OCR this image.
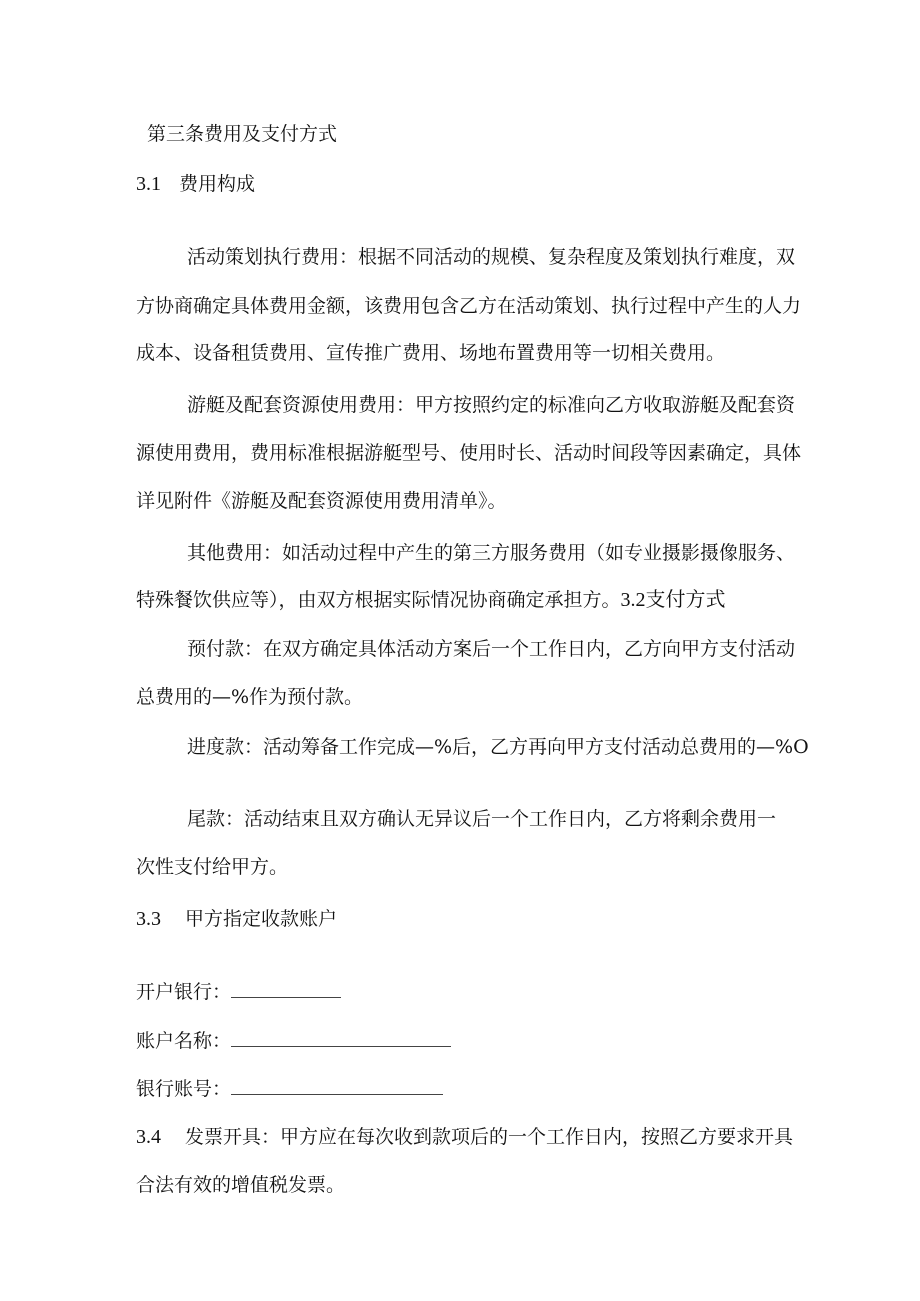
第三条费用及支付方式
3.1 费用构成
活动策划执行费用：根据不同活动的规模、复杂程度及策划执行难度，双
方协商确定具体费用金额，该费用包含乙方在活动策划、执行过程中产生的人力
成本、设备租赁费用、宣传推广费用、场地布置费用等一切相关费用。
游艇及配套资源使用费用：甲方按照约定的标准向乙方收取游艇及配套资
源使用费用，费用标准根据游艇型号、使用时长、活动时间段等因素确定，具体
详见附件《游艇及配套资源使用费用清单》。
其他费用：如活动过程中产生的第三方服务费用（如专业摄影摄像服务、
特殊餐饮供应等），由双方根据实际情况协商确定承担方。3.2支付方式
预付款：在双方确定具体活动方案后一个工作日内，乙方向甲方支付活动
总费用的—%作为预付款。
进度款：活动筹备工作完成—%后，乙方再向甲方支付活动总费用的—%O
尾款：活动结束且双方确认无异议后一个工作日内，乙方将剩余费用一
次性支付给甲方。
3.3 甲方指定收款账户
开户银行：
账户名称：
银行账号：
3.4 发票开具：甲方应在每次收到款项后的一个工作日内，按照乙方要求开具
合法有效的增值税发票。
